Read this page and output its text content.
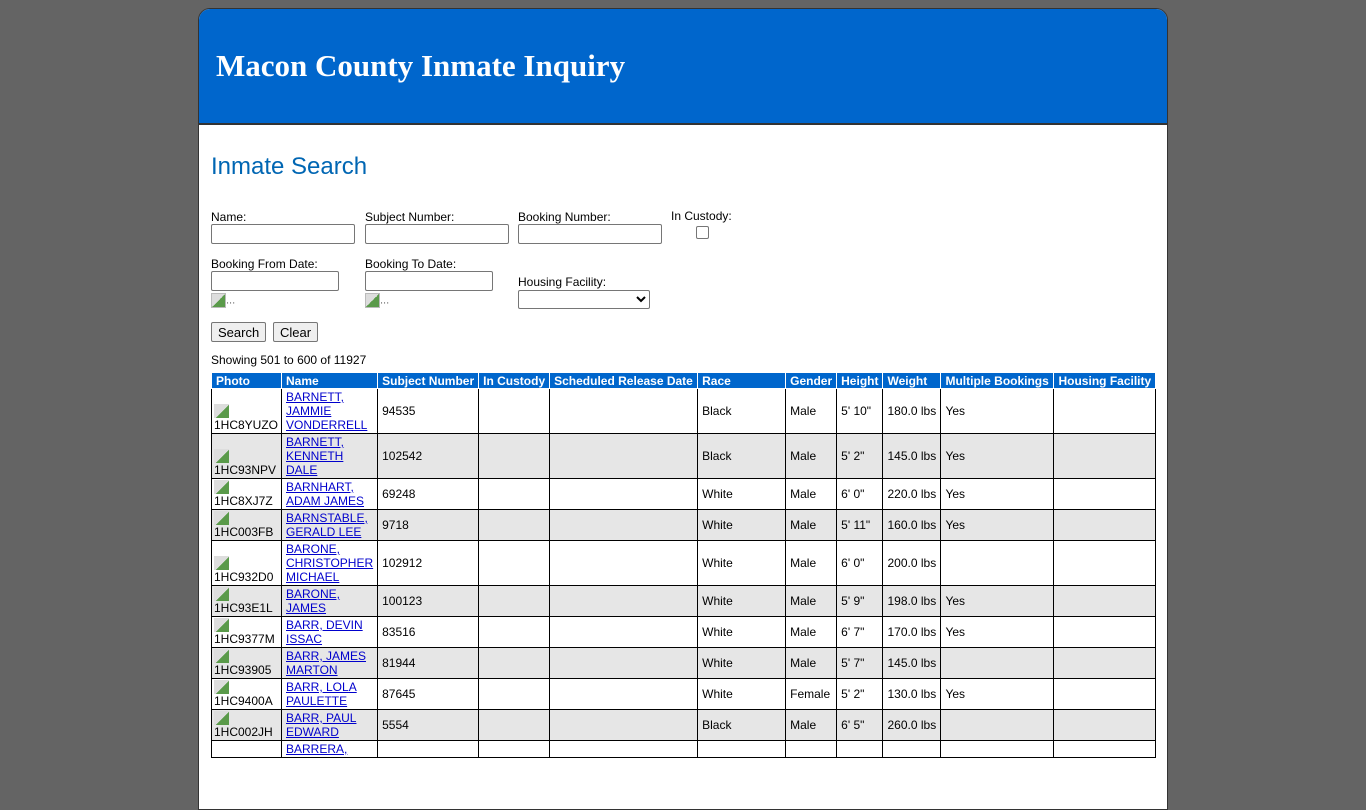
Macon County Inmate Inquiry
Inmate Search
Name:	Subject Number:	Booking Number:	In Custody:
Booking From Date:
...
Booking To Date:
...
Housing Facility:
Search	Clear
Showing 501 to 600 of 11927
Photo	Name	Subject Number	In Custody	Scheduled Release Date	Race	Gender	Height	Weight	Multiple Bookings	Housing Facility

1HC8YUZO	BARNETT, JAMMIE VONDERRELL	94535			Black	Male	5' 10"	180.0 lbs	Yes	

1HC93NPV	BARNETT, KENNETH DALE	102542			Black	Male	5' 2"	145.0 lbs	Yes	

1HC8XJ7Z	BARNHART, ADAM JAMES	69248			White	Male	6' 0"	220.0 lbs	Yes	

1HC003FB	BARNSTABLE, GERALD LEE	9718			White	Male	5' 11"	160.0 lbs	Yes	

1HC932D0	BARONE, CHRISTOPHER MICHAEL	102912			White	Male	6' 0"	200.0 lbs		

1HC93E1L	BARONE, JAMES	100123			White	Male	5' 9"	198.0 lbs	Yes	

1HC9377M	BARR, DEVIN ISSAC	83516			White	Male	6' 7"	170.0 lbs	Yes	

1HC93905	BARR, JAMES MARTON	81944			White	Male	5' 7"	145.0 lbs		

1HC9400A	BARR, LOLA PAULETTE	87645			White	Female	5' 2"	130.0 lbs	Yes	

1HC002JH	BARR, PAUL EDWARD	5554			Black	Male	6' 5"	260.0 lbs		
	BARRERA,									
